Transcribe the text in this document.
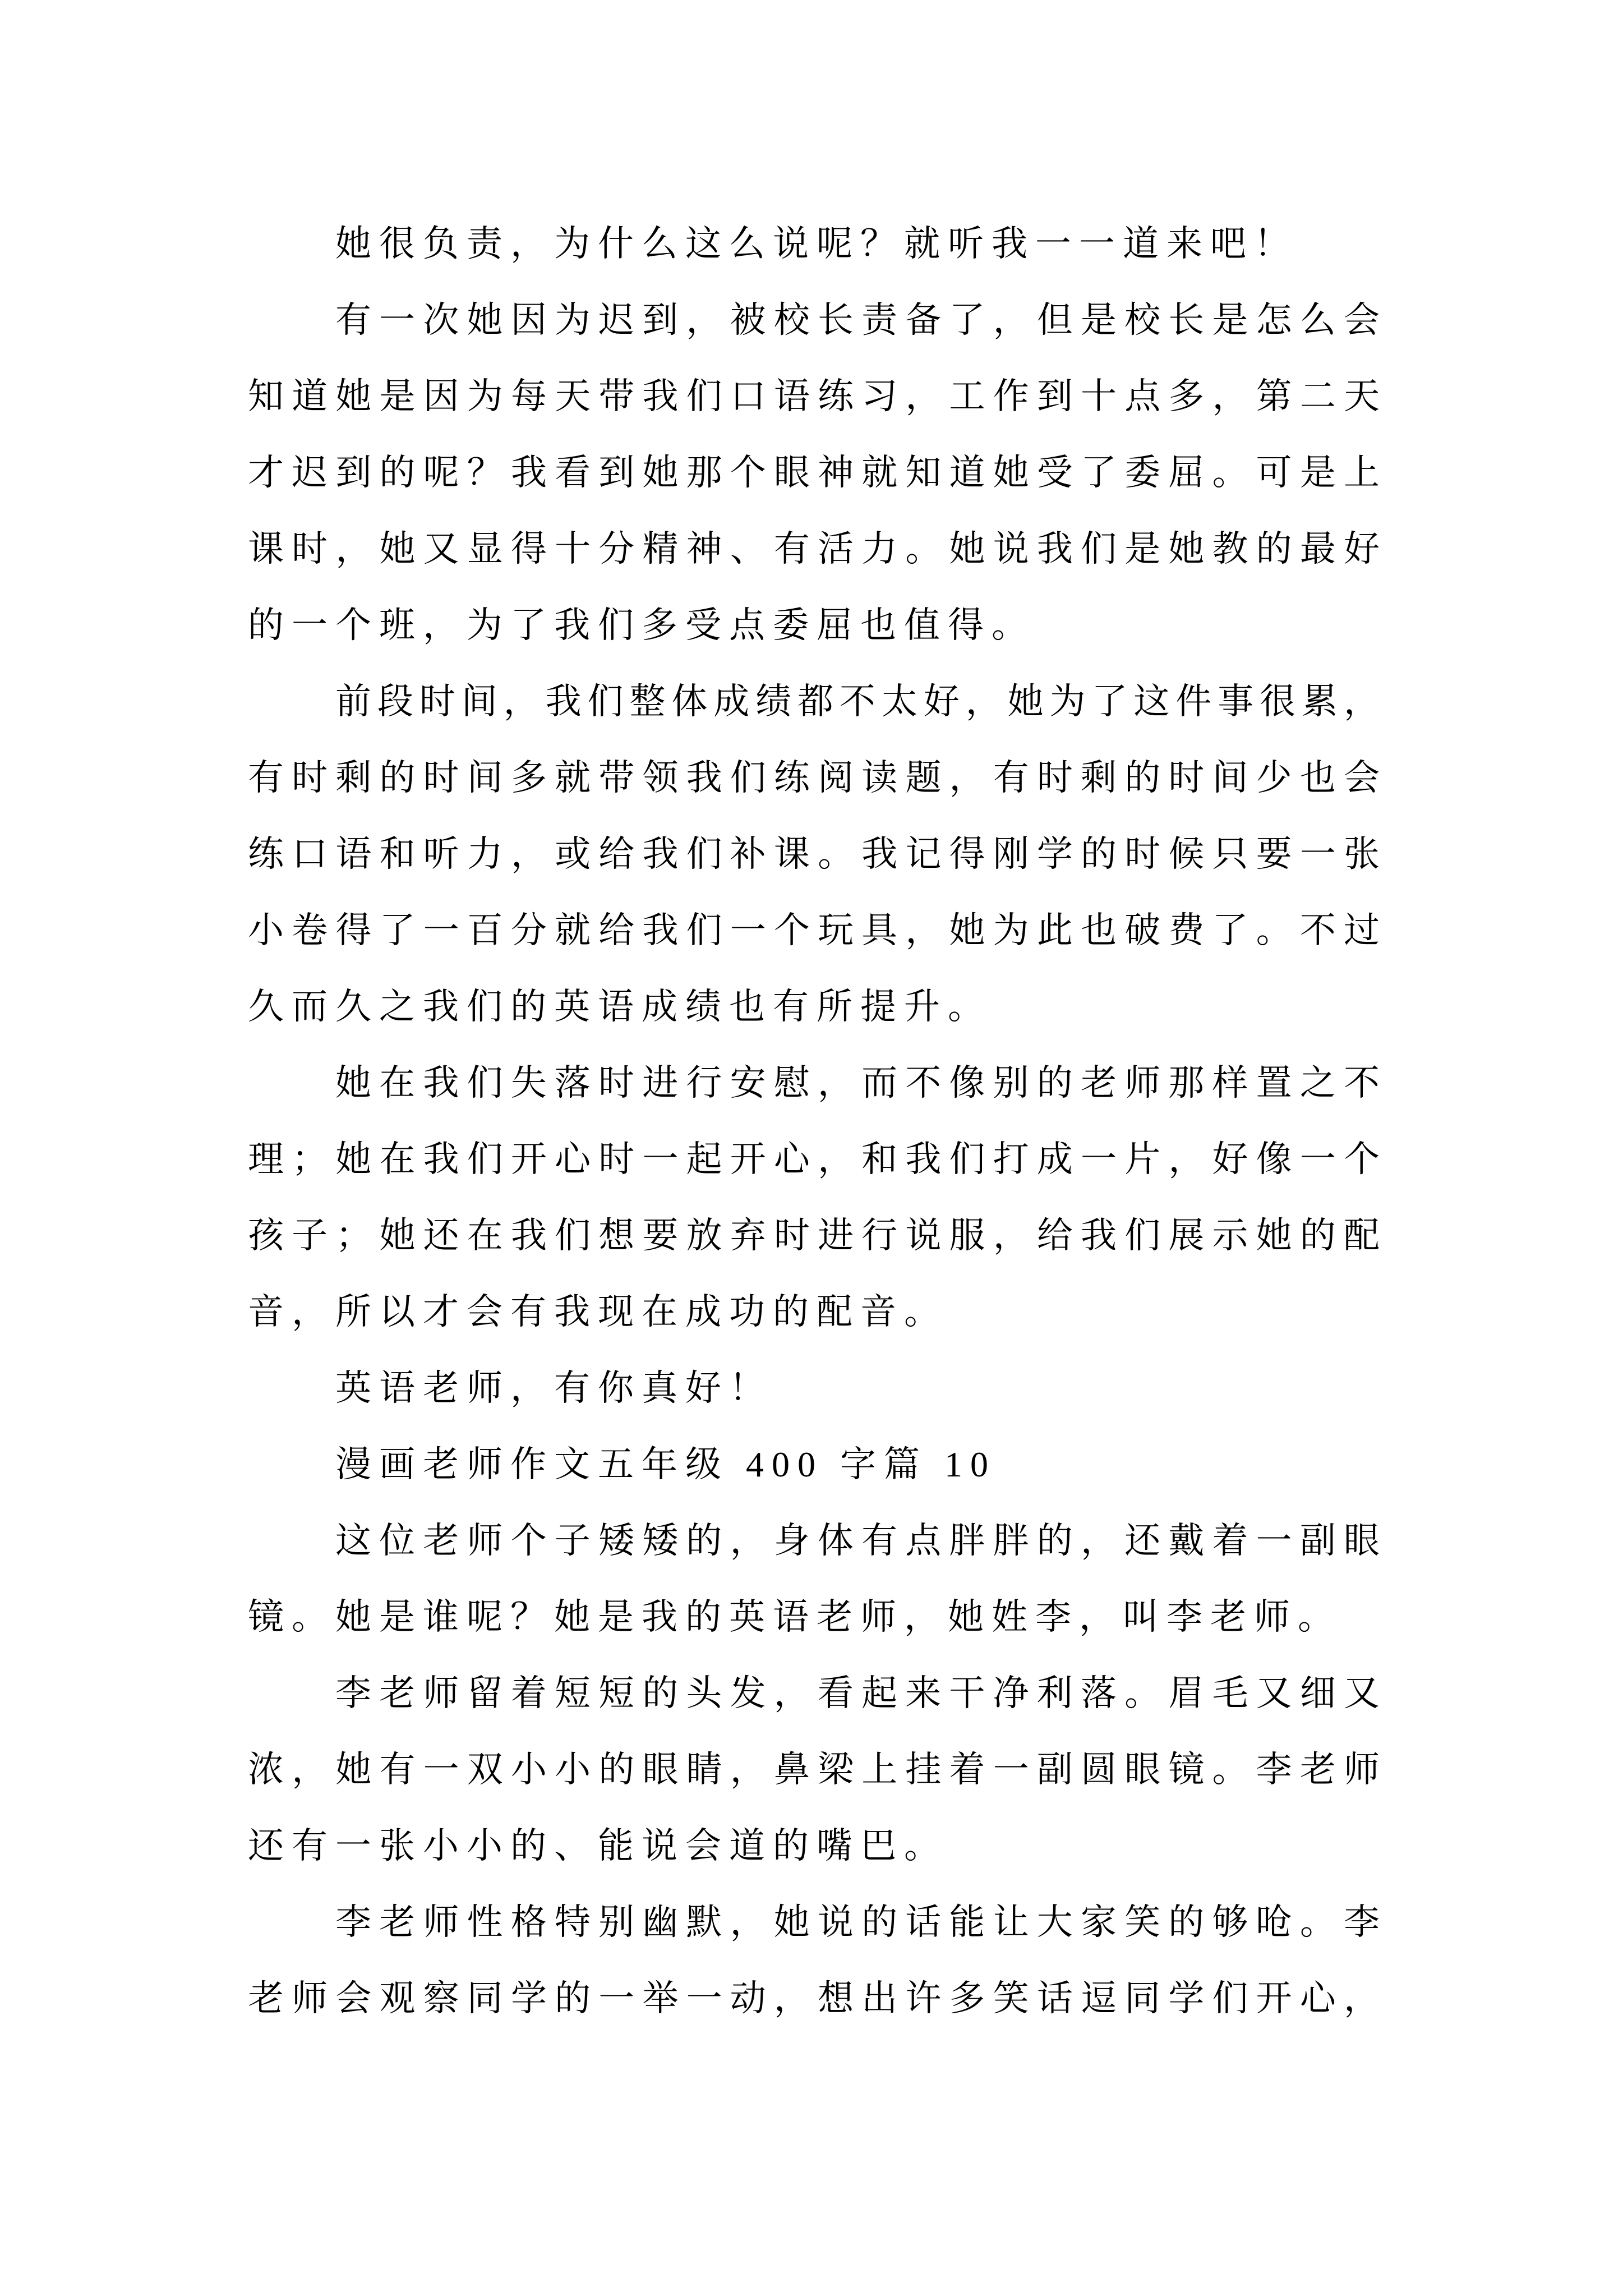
她很负责，为什么这么说呢？就听我一一道来吧！
有一次她因为迟到，被校长责备了，但是校长是怎么会
知道她是因为每天带我们口语练习，工作到十点多，第二天
才迟到的呢？我看到她那个眼神就知道她受了委屈。可是上
课时，她又显得十分精神、有活力。她说我们是她教的最好
的一个班，为了我们多受点委屈也值得。
前段时间，我们整体成绩都不太好，她为了这件事很累，
有时剩的时间多就带领我们练阅读题，有时剩的时间少也会
练口语和听力，或给我们补课。我记得刚学的时候只要一张
小卷得了一百分就给我们一个玩具，她为此也破费了。不过
久而久之我们的英语成绩也有所提升。
她在我们失落时进行安慰，而不像别的老师那样置之不
理；她在我们开心时一起开心，和我们打成一片，好像一个
孩子；她还在我们想要放弃时进行说服，给我们展示她的配
音，所以才会有我现在成功的配音。
英语老师，有你真好！
漫画老师作文五年级 400 字篇 10
这位老师个子矮矮的，身体有点胖胖的，还戴着一副眼
镜。她是谁呢？她是我的英语老师，她姓李，叫李老师。
李老师留着短短的头发，看起来干净利落。眉毛又细又
浓，她有一双小小的眼睛，鼻梁上挂着一副圆眼镜。李老师
还有一张小小的、能说会道的嘴巴。
李老师性格特别幽默，她说的话能让大家笑的够呛。李
老师会观察同学的一举一动，想出许多笑话逗同学们开心，
